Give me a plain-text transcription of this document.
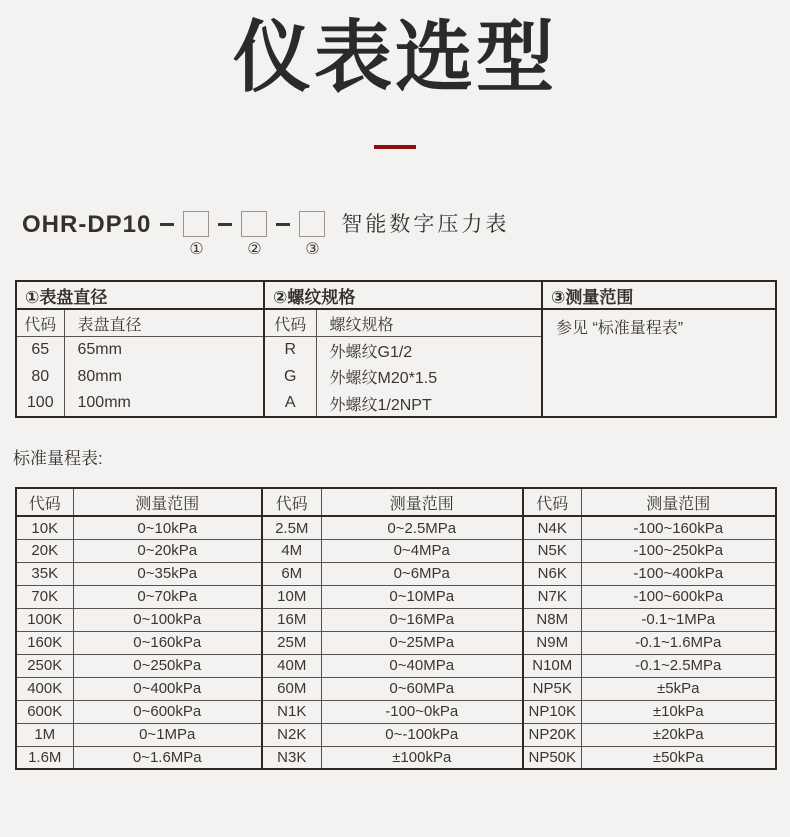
仪表选型
OHR-DP10
①	②	③
智能数字压力表
①表盘直径		②螺纹规格		③测量范围
代码	表盘直径	代码	螺纹规格	参见 “标准量程表”
65	65mm	R	外螺纹G1/2	
80	80mm	G	外螺纹M20*1.5	
100	100mm	A	外螺纹1/2NPT	
标准量程表:
代码	测量范围	代码	测量范围	代码	测量范围
10K	0~10kPa	2.5M	0~2.5MPa	N4K	-100~160kPa
20K	0~20kPa	4M	0~4MPa	N5K	-100~250kPa
35K	0~35kPa	6M	0~6MPa	N6K	-100~400kPa
70K	0~70kPa	10M	0~10MPa	N7K	-100~600kPa
100K	0~100kPa	16M	0~16MPa	N8M	-0.1~1MPa
160K	0~160kPa	25M	0~25MPa	N9M	-0.1~1.6MPa
250K	0~250kPa	40M	0~40MPa	N10M	-0.1~2.5MPa
400K	0~400kPa	60M	0~60MPa	NP5K	±5kPa
600K	0~600kPa	N1K	-100~0kPa	NP10K	±10kPa
1M	0~1MPa	N2K	0~-100kPa	NP20K	±20kPa
1.6M	0~1.6MPa	N3K	±100kPa	NP50K	±50kPa
